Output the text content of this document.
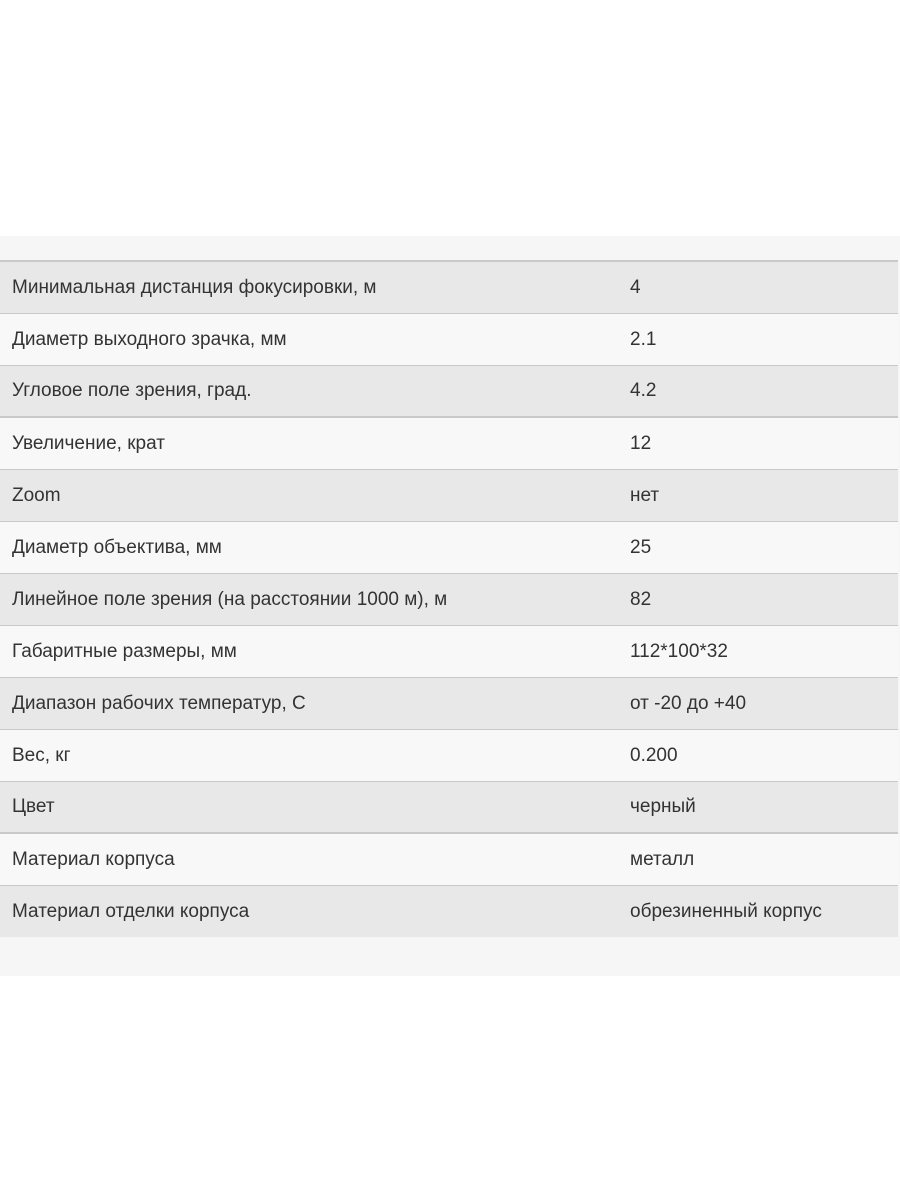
Минимальная дистанция фокусировки, м	4
Диаметр выходного зрачка, мм	2.1
Угловое поле зрения, град.	4.2
Увеличение, крат	12
Zoom	нет
Диаметр объектива, мм	25
Линейное поле зрения (на расстоянии 1000 м), м	82
Габаритные размеры, мм	112*100*32
Диапазон рабочих температур, С	от -20 до +40
Вес, кг	0.200
Цвет	черный
Материал корпуса	металл
Материал отделки корпуса	обрезиненный корпус
